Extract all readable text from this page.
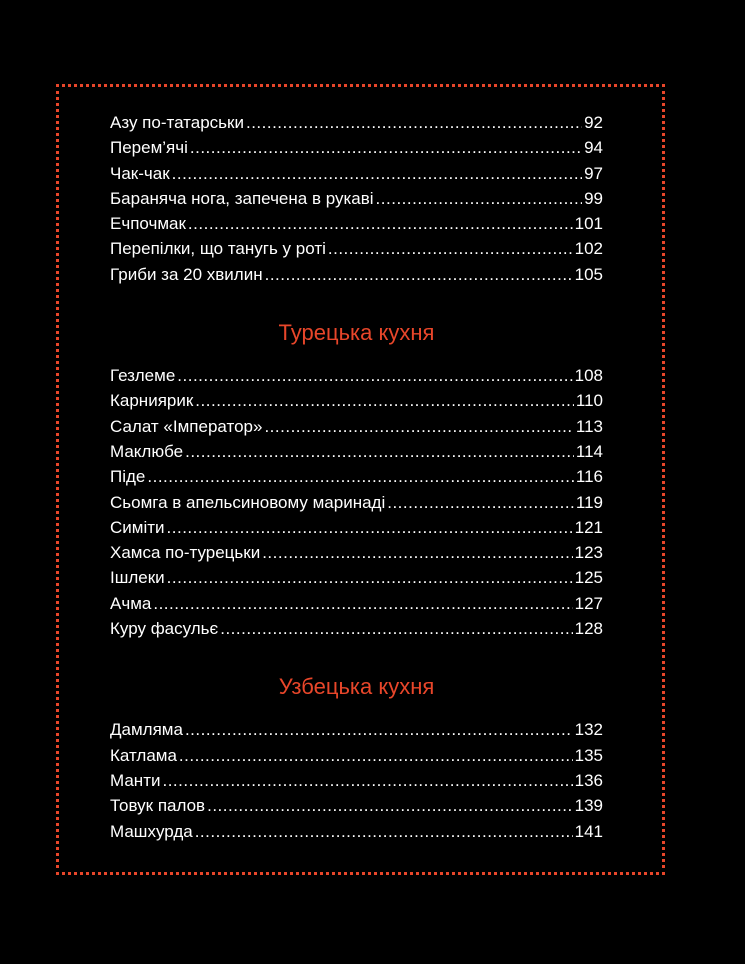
Азу по-татарськи .....	92
Перем’ячі .....	94
Чак-чак .....	97
Бараняча нога, запечена в рукаві .....	99
Ечпочмак .....	101
Перепілки, що танугь у роті .....	102
Гриби за 20 хвилин .....	105
Турецька кухня
Гезлеме .....	108
Карниярик .....	110
Салат «Імператор» .....	113
Маклюбе .....	114
Піде .....	116
Сьомга в апельсиновому маринаді .....	119
Симіти .....	121
Хамса по-турецьки .....	123
Ішлеки .....	125
Ачма .....	127
Куру фасульє .....	128
Узбецька кухня
Дамляма .....	132
Катлама .....	135
Манти .....	136
Товук палов .....	139
Машхурда .....	141
